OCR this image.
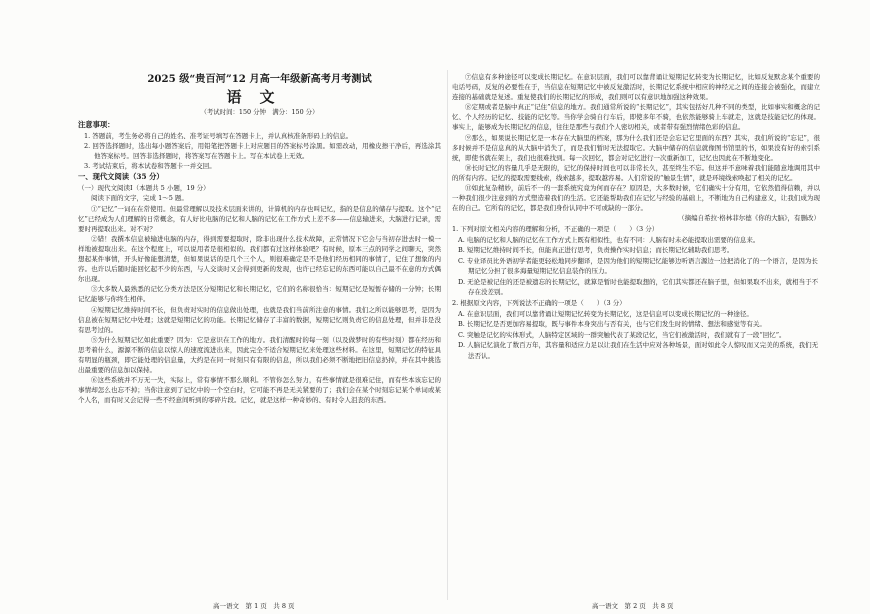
2025 级“贵百河”12 月高一年级新高考月考测试
语文
（考试时间：150 分钟　满分：150 分）
注意事项：

1. 答题前，考生务必将自己的姓名、准考证号填写在答题卡上，并认真核准条形码上的信息。

2. 回答选择题时，选出每小题答案后，用铅笔把答题卡上对应题目的答案标号涂黑。如需改动，用橡皮擦干净后，再选涂其他答案标号。回答非选择题时，将答案写在答题卡上。写在本试卷上无效。

3. 考试结束后，将本试卷和答题卡一并交回。

一、现代文阅读（35 分）

（一）现代文阅读Ⅰ（本题共 5 小题，19 分）

阅读下面的文字，完成 1～5 题。

①“记忆”一词在在常使用。但最常理解以及技术层面来讲的，计算机的内存也叫记忆，指的是信息的储存与提取。这个“记忆”已经成为人们理解的日常概念，有人好比电脑的记忆和人脑的记忆在工作方式上差不多——信息输进来，大脑进行记录，需要时再提取出来。对不对？

②错！我撰本信息被输进电脑的内存，得到需要提取时，除非出现什么技术故障，正常情况下它会与当初存进去时一模一样地被提取出来。在这个程度上，可以说用者是很相似的。我们都有过这样体验吧？有时候，原本三点的同学之间聊天，突然想起某件事情，开头好像能想清楚，但如果说话的是几个三个人，则很难确定是不是他们经历相同的事情了，记住了想象的内容。也许以后随时能回忆起不少的东西，与人交谈时又会得到更新的发现，也许已经忘记的东西可能以自己最不在意的方式偶尔出现。

③大多数人最熟悉的记忆分类方法是区分短期记忆和长期记忆，它们的名称很恰当：短期记忆是短暂存储的一分钟；长期记忆能够与你终生相伴。

④短期记忆维持时间不长，但负责对实时的信息做出处理，也就是我们当前所注意的事情。我们之所以能够思考，是因为信息被在短期记忆中处理；这就是短期记忆的功能。长期记忆储存了丰富的数据，短期记忆则负责它的信息处理，但并非是没有思考过的。

⑤为什么短期记忆如此重要？因为：它是意识在工作的地方。我们清醒时的每一刻（以及做梦时的有些时刻）都在经历和思考着什么，源源不断的信息以惊人的速度流进出来，因此完全不适合短期记忆来处理这些材料。在这里，短期记忆的特征具有明显的瓶颈，即它能处理的信息量，大约是在同一时刻只有有限的信息，所以我们必须不断地把旧信息扔掉，并在其中挑选出最重要的信息加以保持。

⑥这些系统并不万无一失，实际上，常有事情不那么顺利。不管你怎么努力，有些事情就是很难记住，而有些本该忘记的事情却怎么也忘不掉；当你注意到了记忆中的一个空白时，它可能不再是无关紧要的了；我们会在某个时刻忘记某个单词或某个人名，而有时又会记得一些不经意间听到的零碎片段。记忆，就是这样一种奇妙的、有时令人沮丧的东西。

⑦信息有多种途径可以变成长期记忆。在意识层面，我们可以靠背诵让短期记忆转变为长期记忆，比如反复默念某个重要的电话号码，反复的必要性在于，当信息在短期记忆中被反复激活时，长期记忆系统中相应的神经元之间的连接会被强化，而建立连接的基础就是复述。重复使我们的长期记忆的形成，我们则可以有意识地加强这种效果。

⑧定期或者是脑中真正“记住”信息的地方。我们通常所说的“长期记忆”，其实包括好几种不同的类型，比如事实和概念的记忆、个人经历的记忆、技能的记忆等。当你学会骑自行车后，即使多年不骑，也依然能够骑上车就走，这就是技能记忆的体现。事实上，能够成为长期记忆的信息，往往是那些与我们个人密切相关，或者带有强烈情绪色彩的信息。

⑨那么，如果说长期记忆是一本存在大脑里的档案，那为什么我们还是会忘记它里面的东西？其实，我们所说的“忘记”，很多时候并不是信息真的从大脑中消失了，而是我们暂时无法提取它。大脑中储存的信息就像图书馆里的书，如果没有好的索引系统，即使书就在架上，我们也很难找到。每一次回忆，都会对记忆进行一次重新加工，记忆也因此在不断地变化。

⑩长时记忆的容量几乎是无限的，记忆的保持时间也可以非常长久，甚至终生不忘。但这并不意味着我们能随意地调用其中的所有内容。记忆的提取需要线索，线索越多，提取越容易。人们常说的“触景生情”，就是环境线索唤起了相关的记忆。

⑪如此复杂精妙，前后不一的一套系统究竟为何而存在？原因是，大多数时候，它们确实十分有用，它依然值得信赖，并以一种我们很少注意到的方式塑造着我们的生活。它还能帮助我们在记忆与经验的基础上，不断地为自己构建意义，让我们成为现在的自己。它所有的记忆，都是我们身份认同中不可或缺的一部分。

（摘编自希拉·格林菲尔德《你的大脑》，有删改）

1. 下列对原文相关内容的理解和分析，不正确的一项是（　　）（3 分）

A. 电脑的记忆和人脑的记忆在工作方式上既有相似性，也有不同：人脑有时未必能提取出需要的信息来。

B. 短期记忆维持时间不长，但能真正进行思考，负责操作实时信息；而长期记忆辅助我们思考。

C. 专业译员比外语初学者能更轻松地同步翻译，是因为他们的短期记忆能够边听语言源边一边把消化了的一个语言，是因为长期记忆分担了很多海量短期记忆信息装作的压力。

D. 无论是被记住的还是被遗忘的长期记忆，就算是暂时也能提取想的，它们其实都还在脑子里，但如果取不出来，就相当于不存在没差别。

2. 根据原文内容，下列说法不正确的一项是（　　）（3 分）

A. 在意识层面，我们可以靠背诵让短期记忆转变为长期记忆，这是信息可以变成长期记忆的一种途径。

B. 长期记忆是否更加容易提取，既与事件本身突出与否有关，也与它们发生时的情绪、想法和感觉等有关。

C. 突触是记忆的实体形式，人脑特定区域的一群突触代表了某段记忆，当它们被激活时，我们就有了一段“回忆”。

D. 人脑记忆演化了数百万年，其容量和适应力足以让我们在生活中应对各种场景，面对如此令人惊叹而又完美的系统，我们无法否认。

高一语文　第 1 页　共 8 页	高一语文　第 2 页　共 8 页
